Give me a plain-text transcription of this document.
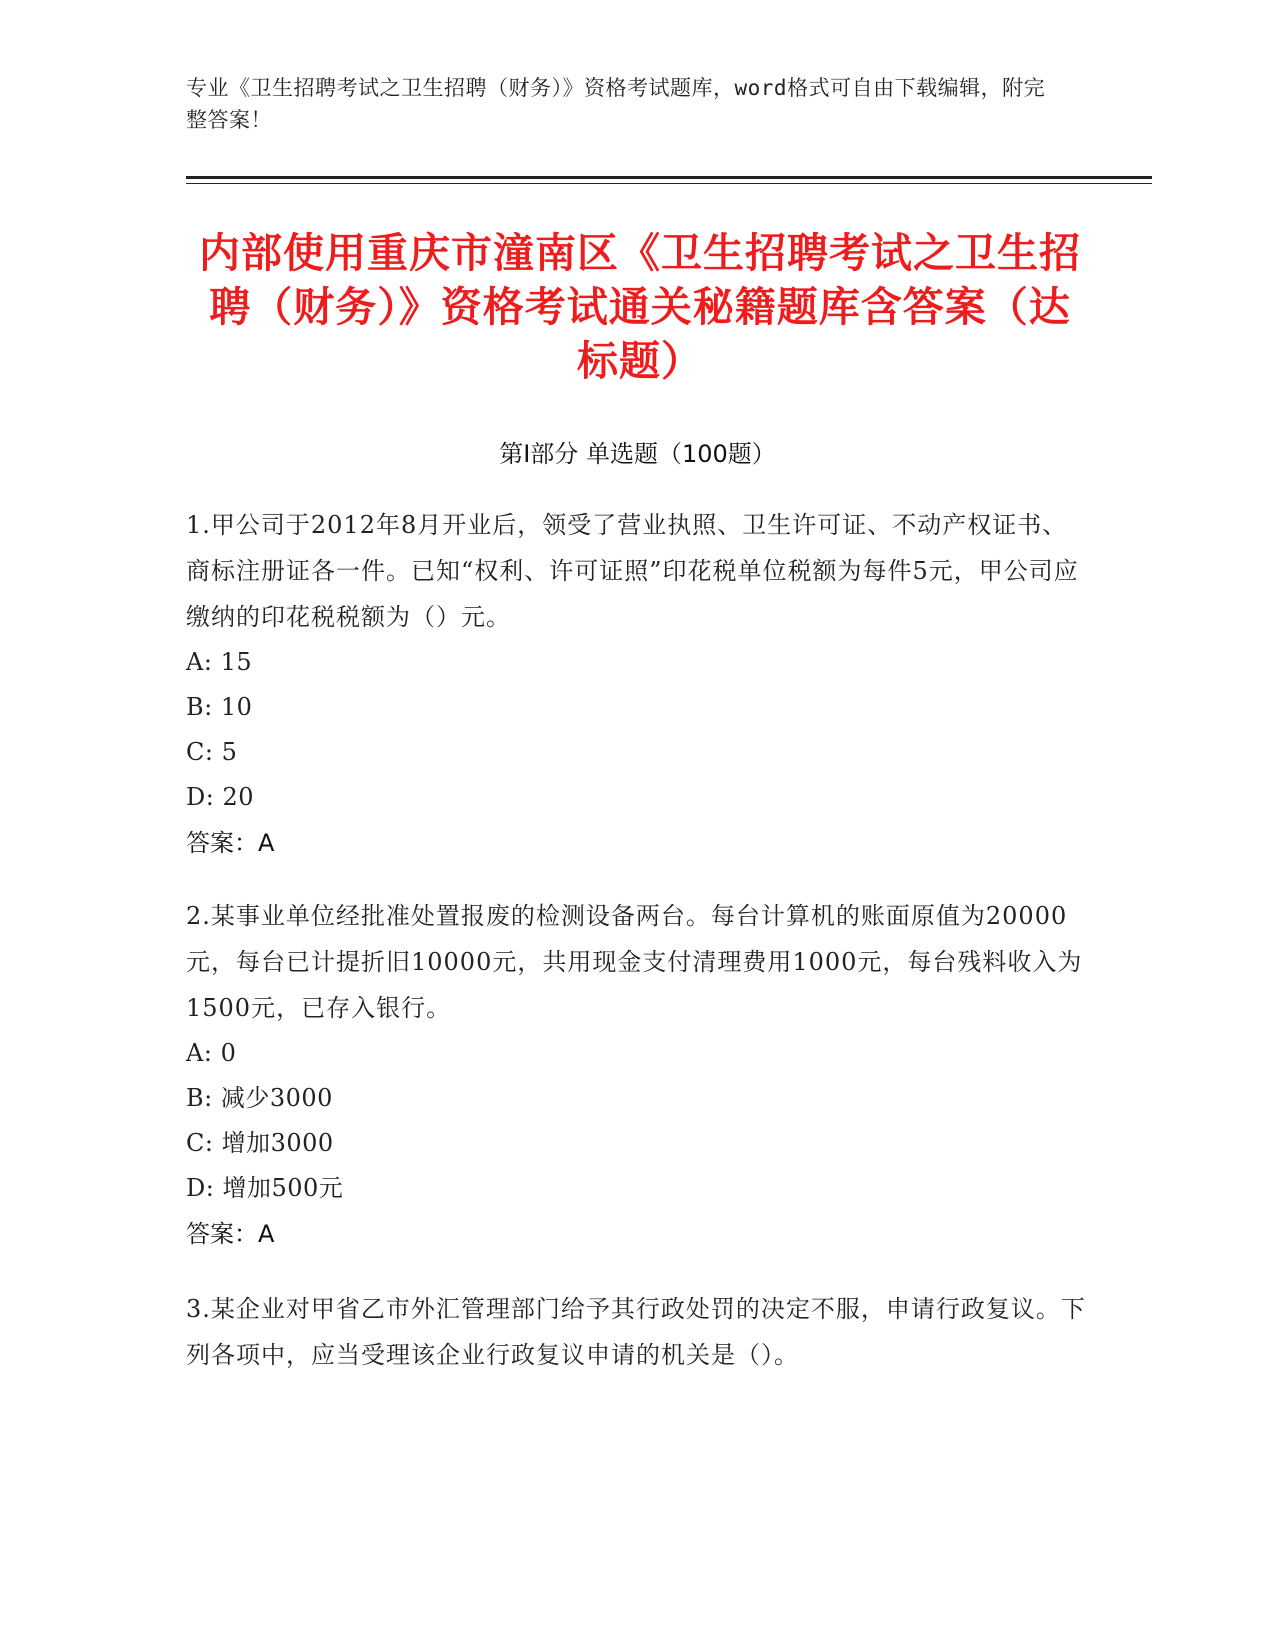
专业《卫生招聘考试之卫生招聘（财务）》资格考试题库，word格式可自由下载编辑，附完整答案！
内部使用重庆市潼南区《卫生招聘考试之卫生招聘（财务）》资格考试通关秘籍题库含答案（达标题）
第Ⅰ部分 单选题（100题）
1.甲公司于2012年8月开业后，领受了营业执照、卫生许可证、不动产权证书、商标注册证各一件。已知“权利、许可证照”印花税单位税额为每件5元，甲公司应缴纳的印花税税额为（）元。
A: 15
B: 10
C: 5
D: 20
答案：A
2.某事业单位经批准处置报废的检测设备两台。每台计算机的账面原值为20000元，每台已计提折旧10000元，共用现金支付清理费用1000元，每台残料收入为1500元，已存入银行。
A: 0
B: 减少3000
C: 增加3000
D: 增加500元
答案：A
3.某企业对甲省乙市外汇管理部门给予其行政处罚的决定不服，申请行政复议。下列各项中，应当受理该企业行政复议申请的机关是（）。
